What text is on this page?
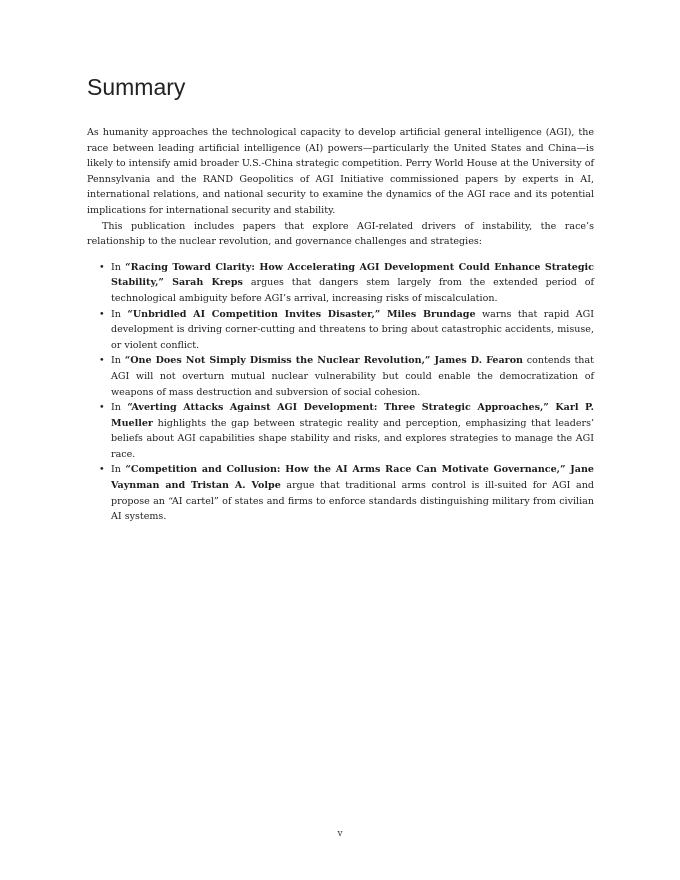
Summary

As humanity approaches the technological capacity to develop artificial general intelligence (AGI), the race between leading artificial intelligence (AI) powers—particularly the United States and China—is likely to intensify amid broader U.S.-China strategic competition. Perry World House at the University of Pennsylvania and the RAND Geopolitics of AGI Initiative commissioned papers by experts in AI, international relations, and national security to examine the dynamics of the AGI race and its potential implications for international security and stability.

This publication includes papers that explore AGI-related drivers of instability, the race’s relationship to the nuclear revolution, and governance challenges and strategies:

• In “Racing Toward Clarity: How Accelerating AGI Development Could Enhance Strategic Stability,” Sarah Kreps argues that dangers stem largely from the extended period of technological ambiguity before AGI’s arrival, increasing risks of miscalculation.
• In “Unbridled AI Competition Invites Disaster,” Miles Brundage warns that rapid AGI development is driving corner-cutting and threatens to bring about catastrophic accidents, misuse, or violent conflict.
• In “One Does Not Simply Dismiss the Nuclear Revolution,” James D. Fearon contends that AGI will not overturn mutual nuclear vulnerability but could enable the democratization of weapons of mass destruction and subversion of social cohesion.
• In “Averting Attacks Against AGI Development: Three Strategic Approaches,” Karl P. Mueller highlights the gap between strategic reality and perception, emphasizing that leaders’ beliefs about AGI capabilities shape stability and risks, and explores strategies to manage the AGI race.
• In “Competition and Collusion: How the AI Arms Race Can Motivate Governance,” Jane Vaynman and Tristan A. Volpe argue that traditional arms control is ill-suited for AGI and propose an “AI cartel” of states and firms to enforce standards distinguishing military from civilian AI systems.
v
